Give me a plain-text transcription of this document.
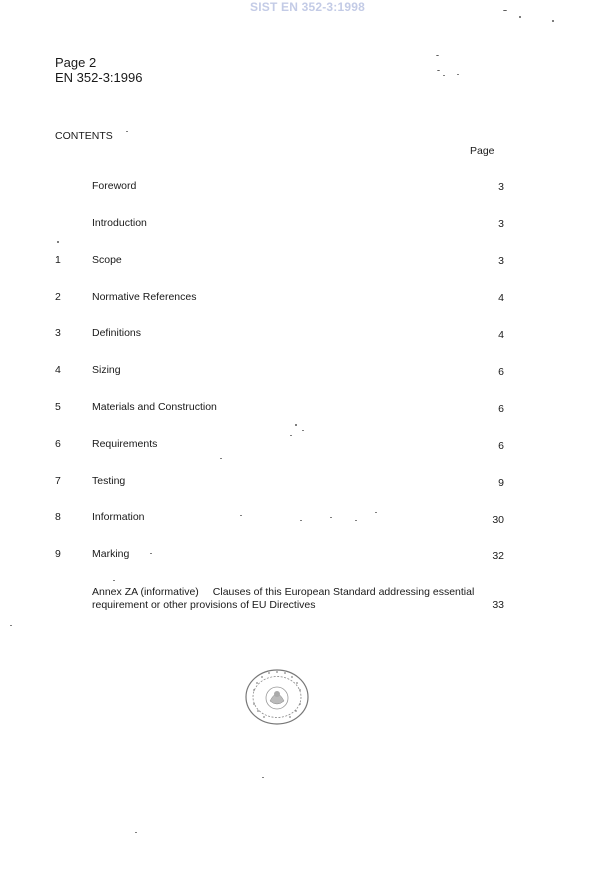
SIST EN 352-3:1998
Page 2
EN 352-3:1996
CONTENTS
Page
Foreword	3
Introduction	3
1	Scope	3
2	Normative References	4
3	Definitions	4
4	Sizing	6
5	Materials and Construction	6
6	Requirements	6
7	Testing	9
8	Information	30
9	Marking	32
Annex ZA (informative) Clauses of this European Standard addressing essential requirement or other provisions of EU Directives	33
